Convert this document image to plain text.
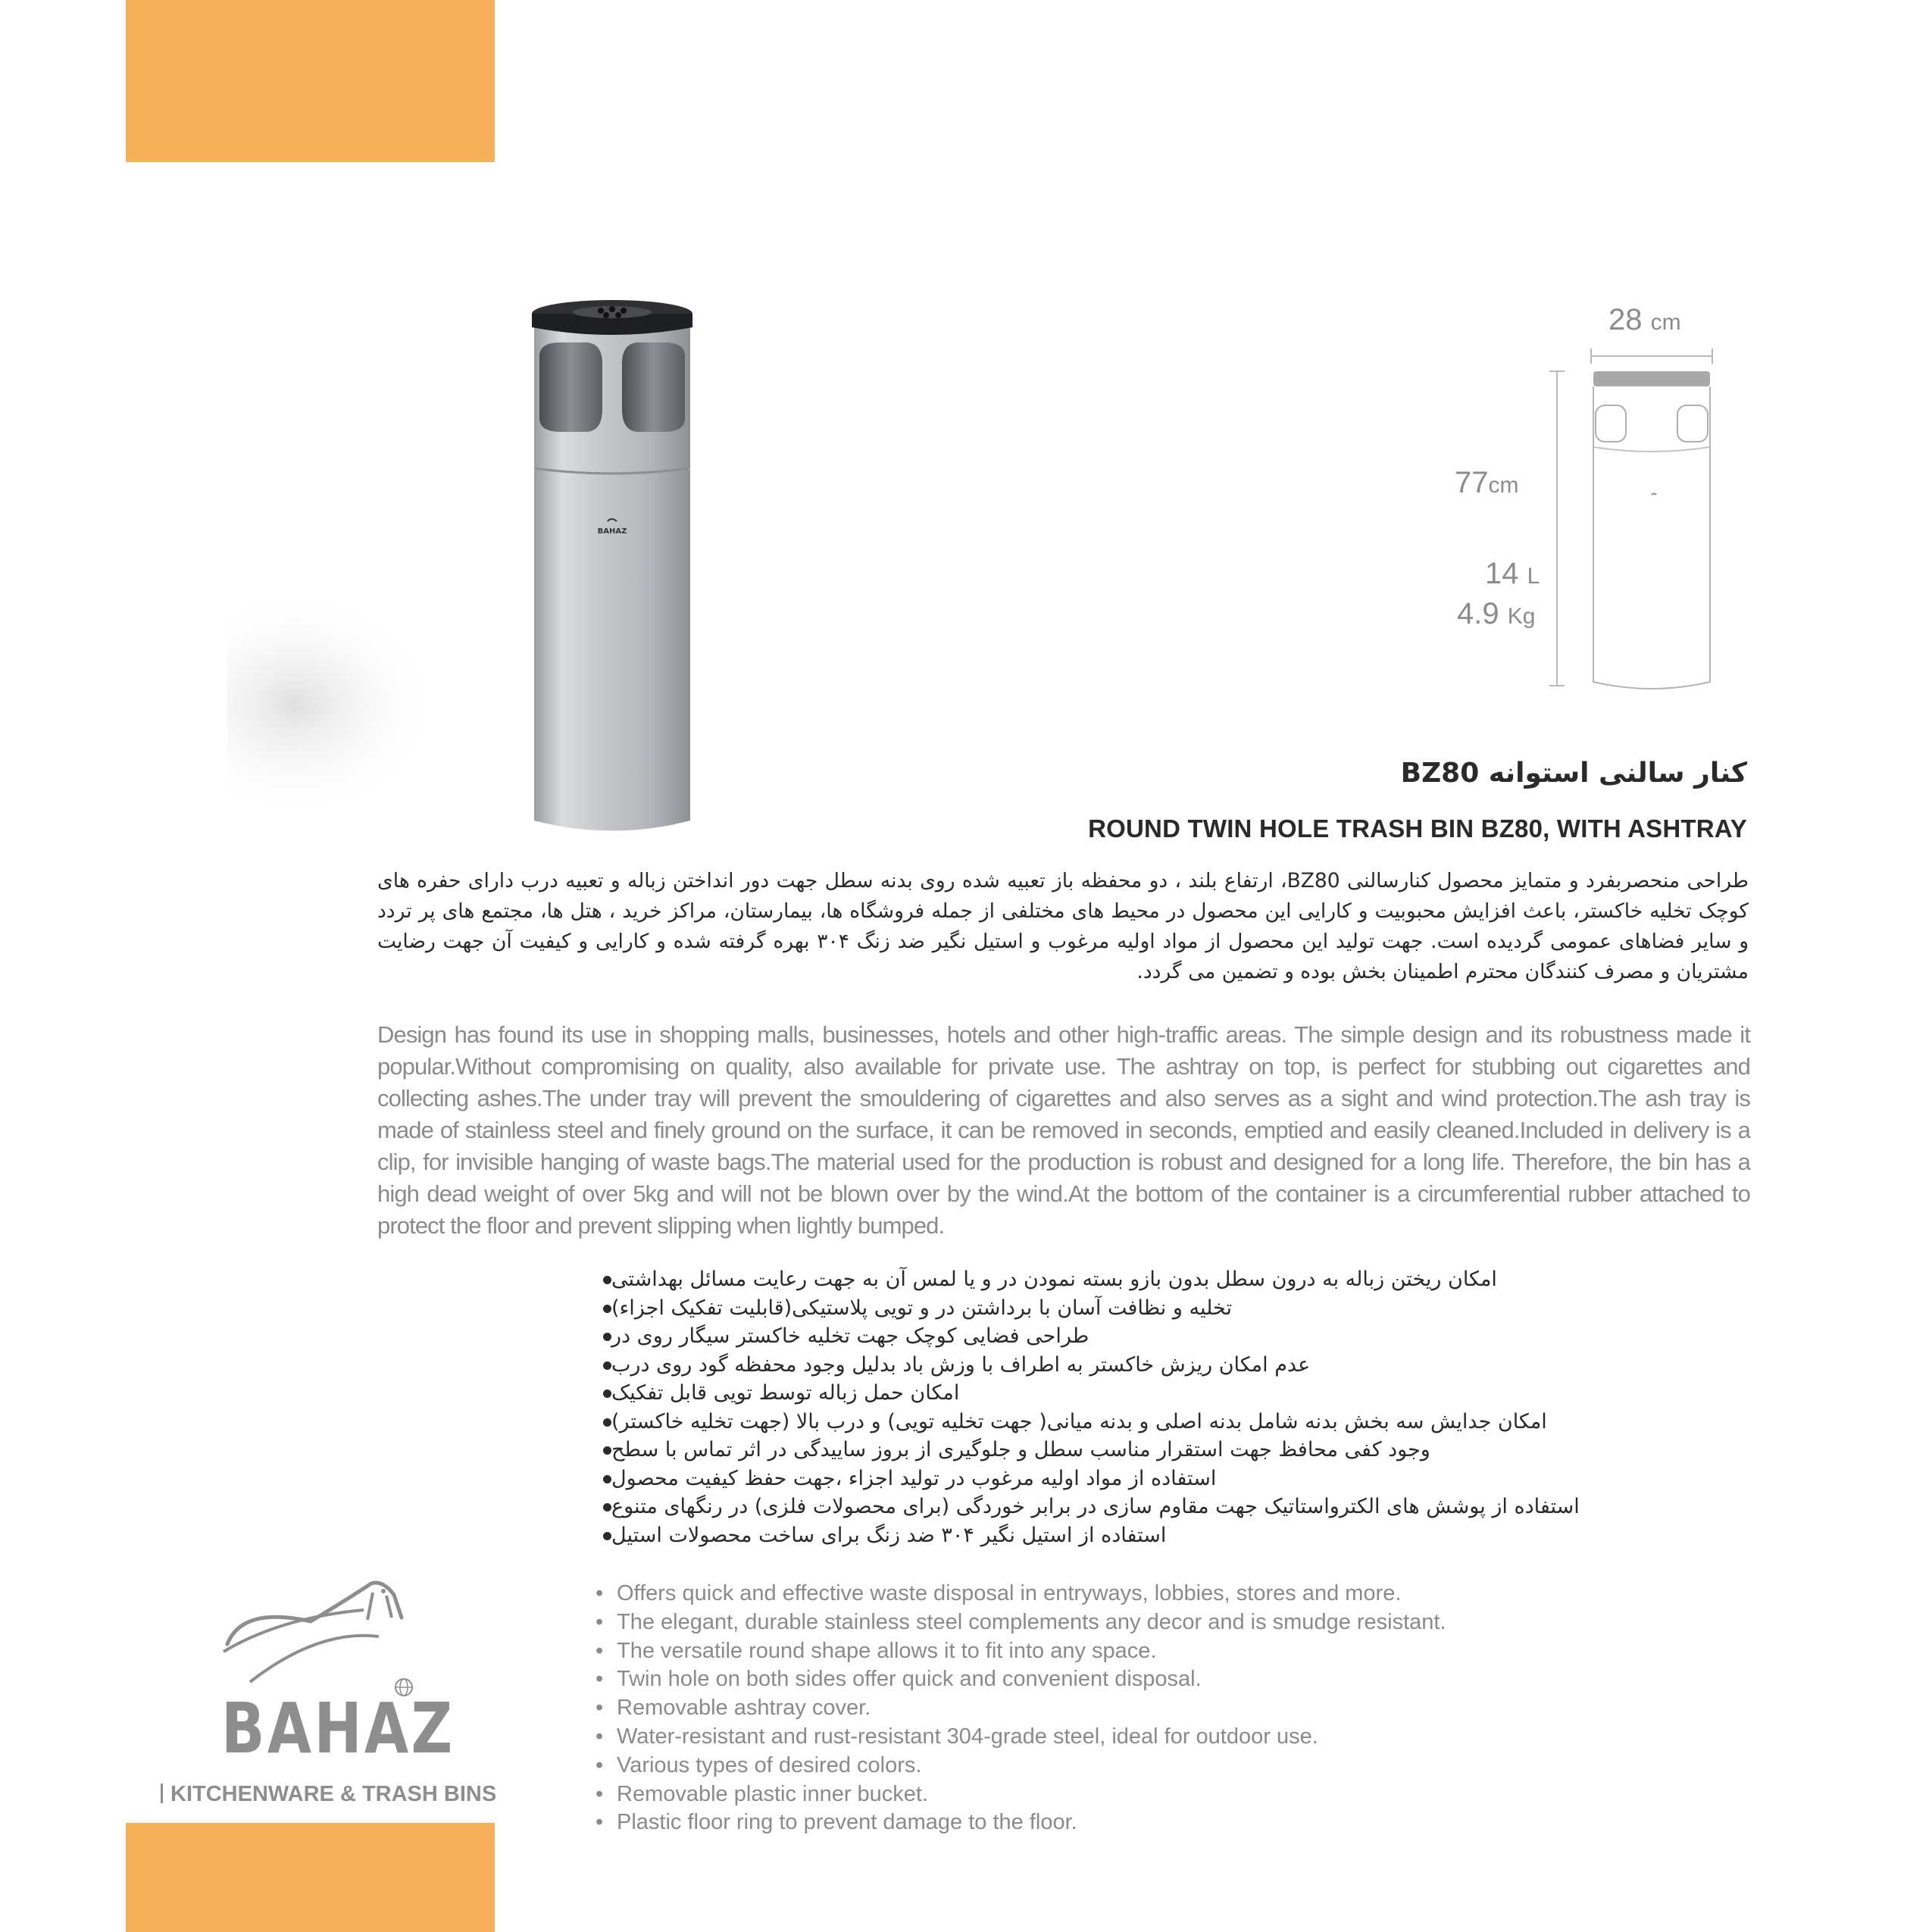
BAHAZ
28 cm
77cm
14 L
4.9 Kg
کنار سالنی استوانه BZ80
ROUND TWIN HOLE TRASH BIN BZ80, WITH ASHTRAY
طراحی منحصربفرد و متمایز محصول کنارسالنی BZ80، ارتفاع بلند ، دو محفظه باز تعبیه شده روی بدنه سطل جهت دور انداختن زباله و تعبیه درب دارای حفره های کوچک تخلیه خاکستر، باعث افزایش محبوبیت و کارایی این محصول در محیط های مختلفی از جمله فروشگاه ها، بیمارستان، مراکز خرید ، هتل ها، مجتمع های پر تردد و سایر فضاهای عمومی گردیده است. جهت تولید این محصول از مواد اولیه مرغوب و استیل نگیر ضد زنگ ۳۰۴ بهره گرفته شده و کارایی و کیفیت آن جهت رضایت مشتریان و مصرف کنندگان محترم اطمینان بخش بوده و تضمین می گردد.
Design has found its use in shopping malls, businesses, hotels and other high-traffic areas. The simple design and its robustness made it popular.Without compromising on quality, also available for private use. The ashtray on top, is perfect for stubbing out cigarettes and collecting ashes.The under tray will prevent the smouldering of cigarettes and also serves as a sight and wind protection.The ash tray is made of stainless steel and finely ground on the surface, it can be removed in seconds, emptied and easily cleaned.Included in delivery is a clip, for invisible hanging of waste bags.The material used for the production is robust and designed for a long life. Therefore, the bin has a high dead weight of over 5kg and will not be blown over by the wind.At the bottom of the container is a circumferential rubber attached to protect the floor and prevent slipping when lightly bumped.
امکان ریختن زباله به درون سطل بدون بازو بسته نمودن در و یا لمس آن به جهت رعایت مسائل بهداشتی
تخلیه و نظافت آسان با برداشتن در و تویی پلاستیکی(قابلیت تفکیک اجزاء)
طراحی فضایی کوچک جهت تخلیه خاکستر سیگار روی در
عدم امکان ریزش خاکستر به اطراف با وزش باد بدلیل وجود محفظه گود روی درب
امکان حمل زباله توسط تویی قابل تفکیک
امکان جدایش سه بخش بدنه شامل بدنه اصلی و بدنه میانی( جهت تخلیه تویی) و درب بالا (جهت تخلیه خاکستر)
وجود کفی محافظ جهت استقرار مناسب سطل و جلوگیری از بروز ساییدگی در اثر تماس با سطح
استفاده از مواد اولیه مرغوب در تولید اجزاء ،جهت حفظ کیفیت محصول
استفاده از پوشش های الکترواستاتیک جهت مقاوم سازی در برابر خوردگی (برای محصولات فلزی) در رنگهای متنوع
استفاده از استیل نگیر ۳۰۴ ضد زنگ برای ساخت محصولات استیل
• Offers quick and effective waste disposal in entryways, lobbies, stores and more.
• The elegant, durable stainless steel complements any decor and is smudge resistant.
• The versatile round shape allows it to fit into any space.
• Twin hole on both sides offer quick and convenient disposal.
• Removable ashtray cover.
• Water-resistant and rust-resistant 304-grade steel, ideal for outdoor use.
• Various types of desired colors.
• Removable plastic inner bucket.
• Plastic floor ring to prevent damage to the floor.
BAHAZ
KITCHENWARE & TRASH BINS
